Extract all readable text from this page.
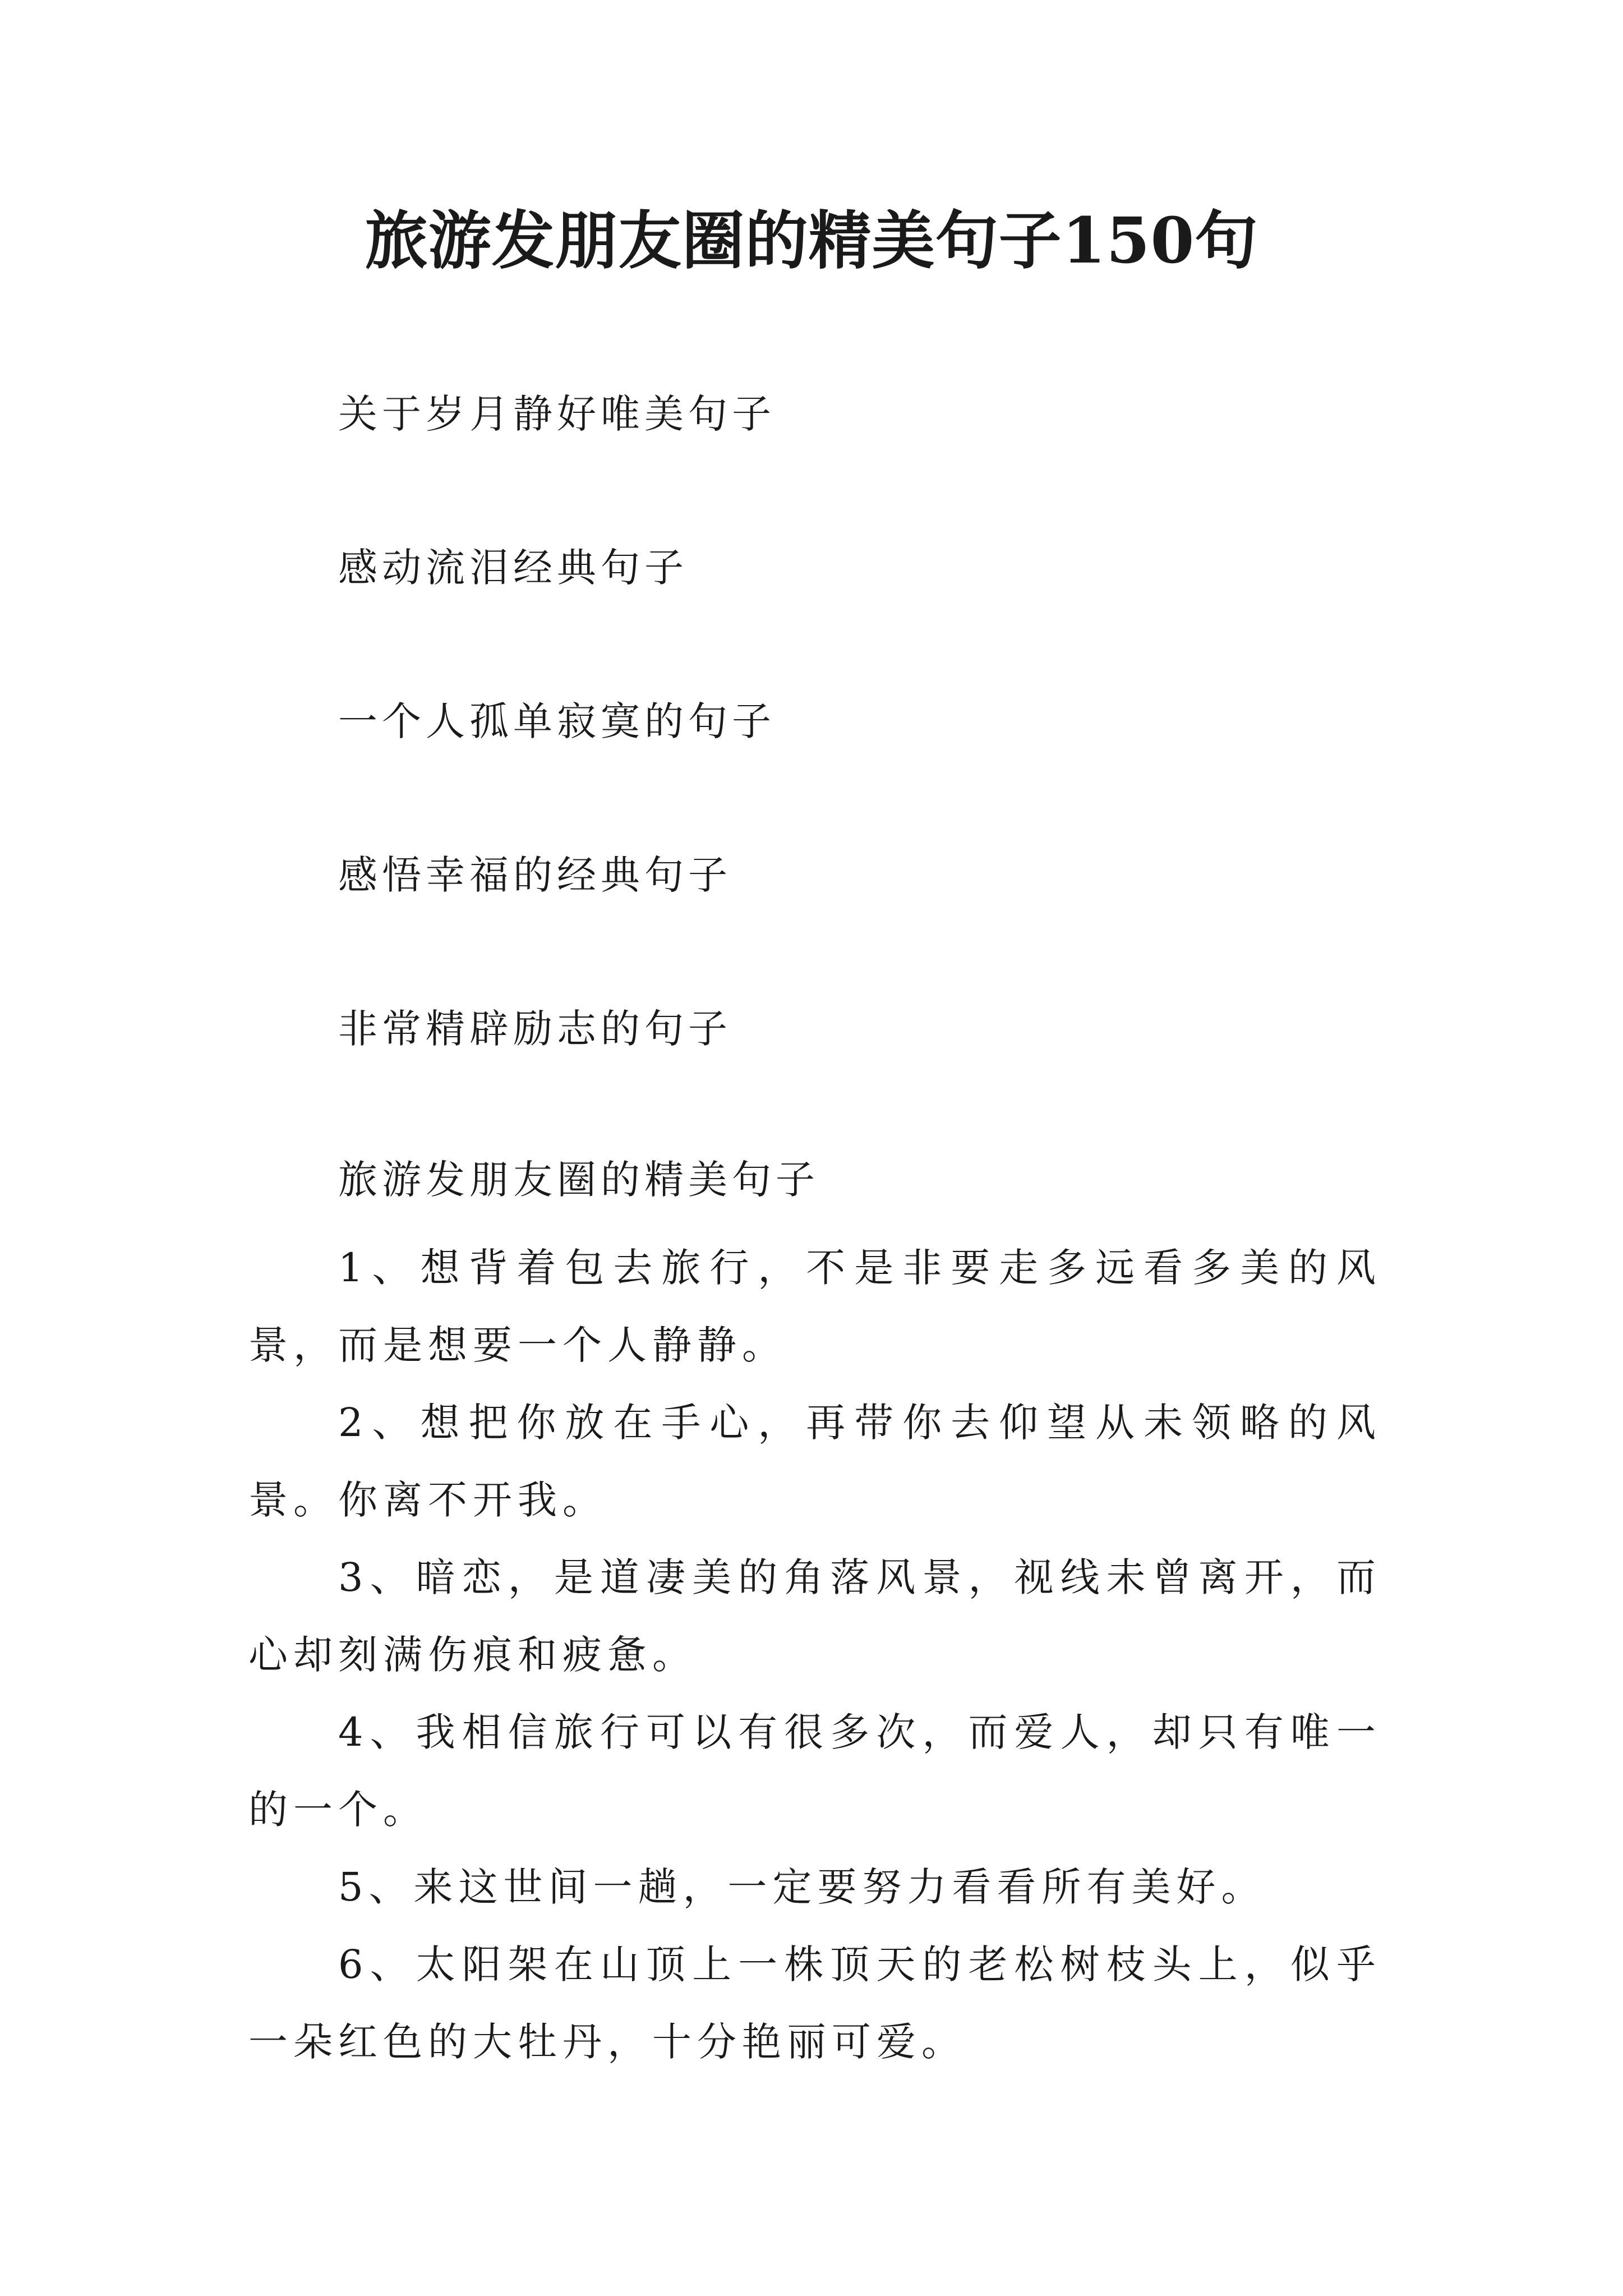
旅游发朋友圈的精美句子150句
关于岁月静好唯美句子
感动流泪经典句子
一个人孤单寂寞的句子
感悟幸福的经典句子
非常精辟励志的句子
旅游发朋友圈的精美句子

1、想背着包去旅行，不是非要走多远看多美的风景，而是想要一个人静静。

2、想把你放在手心，再带你去仰望从未领略的风景。你离不开我。

3、暗恋，是道凄美的角落风景，视线未曾离开，而心却刻满伤痕和疲惫。

4、我相信旅行可以有很多次，而爱人，却只有唯一的一个。

5、来这世间一趟，一定要努力看看所有美好。

6、太阳架在山顶上一株顶天的老松树枝头上，似乎一朵红色的大牡丹，十分艳丽可爱。
